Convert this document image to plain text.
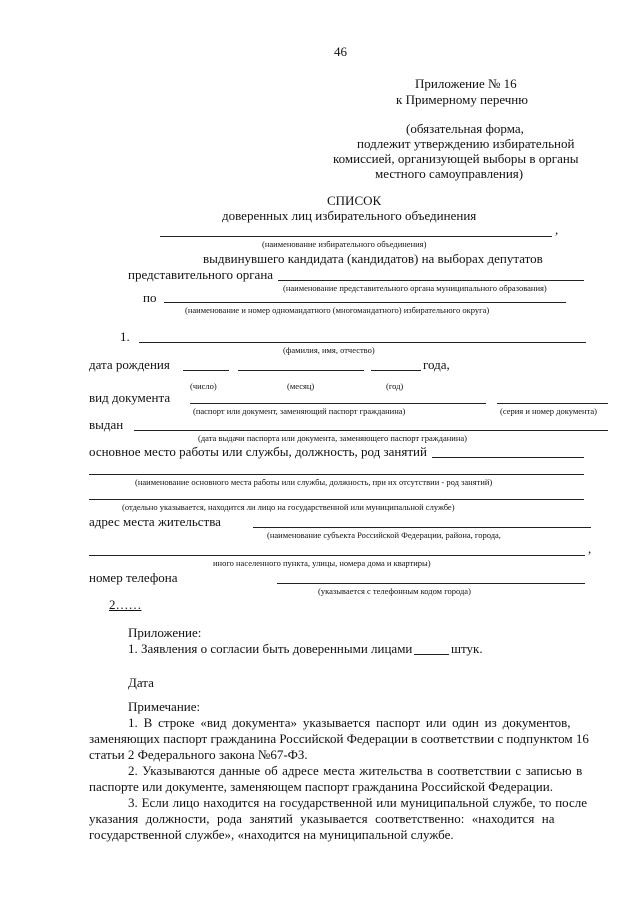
46
Приложение № 16
к Примерному перечню
(обязательная форма,
подлежит утверждению избирательной
комиссией, организующей выборы в органы
местного самоуправления)
СПИСОК
доверенных лиц избирательного объединения
,
(наименование избирательного объединения)
выдвинувшего кандидата (кандидатов) на выборах депутатов
представительного органа
(наименование представительного органа муниципального образования)
по
(наименование и номер одномандатного (многомандатного) избирательного округа)
1.
(фамилия, имя, отчество)
дата рождения	года,
(число)	(месяц)	(год)
вид документа
(паспорт или документ, заменяющий паспорт гражданина)	(серия и номер документа)
выдан
(дата выдачи паспорта или документа, заменяющего паспорт гражданина)
основное место работы или службы, должность, род занятий
(наименование основного места работы или службы, должность, при их отсутствии - род занятий)
(отдельно указывается, находится ли лицо на государственной или муниципальной службе)
адрес места жительства
(наименование субъекта Российской Федерации, района, города,
,
иного населенного пункта, улицы, номера дома и квартиры)
номер телефона
(указывается с телефонным кодом города)
2……
Приложение:
1. Заявления о согласии быть доверенными лицами	штук.
Дата
Примечание:
1. В строке «вид документа» указывается паспорт или один из документов,
заменяющих паспорт гражданина Российской Федерации в соответствии с подпунктом 16
статьи 2 Федерального закона №67-ФЗ.
2. Указываются данные об адресе места жительства в соответствии с записью в
паспорте или документе, заменяющем паспорт гражданина Российской Федерации.
3. Если лицо находится на государственной или муниципальной службе, то после
указания должности, рода занятий указывается соответственно: «находится на
государственной службе», «находится на муниципальной службе.
